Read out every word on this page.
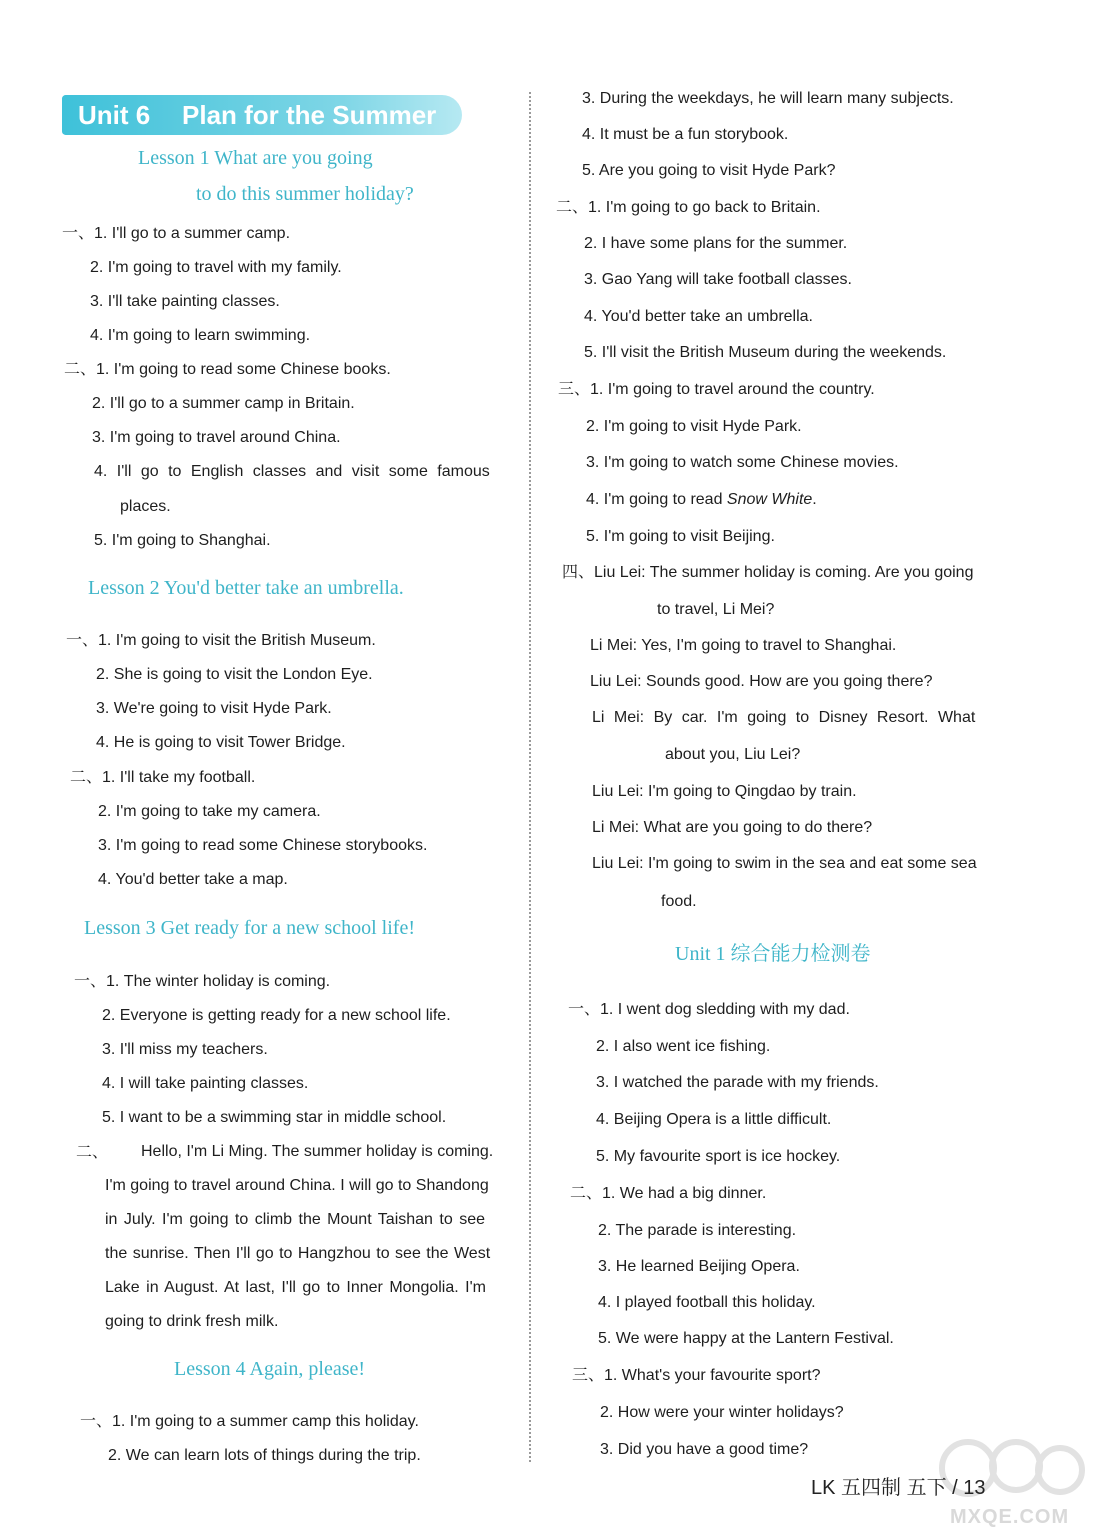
Unit 6 Plan for the Summer
Lesson 1 What are you going
to do this summer holiday?
一、1. I'll go to a summer camp.
2. I'm going to travel with my family.
3. I'll take painting classes.
4. I'm going to learn swimming.
二、1. I'm going to read some Chinese books.
2. I'll go to a summer camp in Britain.
3. I'm going to travel around China.
4. I'll go to English classes and visit some famous
places.
5. I'm going to Shanghai.
Lesson 2 You'd better take an umbrella.
一、1. I'm going to visit the British Museum.
2. She is going to visit the London Eye.
3. We're going to visit Hyde Park.
4. He is going to visit Tower Bridge.
二、1. I'll take my football.
2. I'm going to take my camera.
3. I'm going to read some Chinese storybooks.
4. You'd better take a map.
Lesson 3 Get ready for a new school life!
一、1. The winter holiday is coming.
2. Everyone is getting ready for a new school life.
3. I'll miss my teachers.
4. I will take painting classes.
5. I want to be a swimming star in middle school.
二、 Hello, I'm Li Ming. The summer holiday is coming.
I'm going to travel around China. I will go to Shandong
in July. I'm going to climb the Mount Taishan to see
the sunrise. Then I'll go to Hangzhou to see the West
Lake in August. At last, I'll go to Inner Mongolia. I'm
going to drink fresh milk.
Lesson 4 Again, please!
一、1. I'm going to a summer camp this holiday.
2. We can learn lots of things during the trip.
3. During the weekdays, he will learn many subjects.
4. It must be a fun storybook.
5. Are you going to visit Hyde Park?
二、1. I'm going to go back to Britain.
2. I have some plans for the summer.
3. Gao Yang will take football classes.
4. You'd better take an umbrella.
5. I'll visit the British Museum during the weekends.
三、1. I'm going to travel around the country.
2. I'm going to visit Hyde Park.
3. I'm going to watch some Chinese movies.
4. I'm going to read Snow White.
5. I'm going to visit Beijing.
四、Liu Lei: The summer holiday is coming. Are you going
to travel, Li Mei?
Li Mei: Yes, I'm going to travel to Shanghai.
Liu Lei: Sounds good. How are you going there?
Li Mei: By car. I'm going to Disney Resort. What
about you, Liu Lei?
Liu Lei: I'm going to Qingdao by train.
Li Mei: What are you going to do there?
Liu Lei: I'm going to swim in the sea and eat some sea
food.
Unit 1 综合能力检测卷
一、1. I went dog sledding with my dad.
2. I also went ice fishing.
3. I watched the parade with my friends.
4. Beijing Opera is a little difficult.
5. My favourite sport is ice hockey.
二、1. We had a big dinner.
2. The parade is interesting.
3. He learned Beijing Opera.
4. I played football this holiday.
5. We were happy at the Lantern Festival.
三、1. What's your favourite sport?
2. How were your winter holidays?
3. Did you have a good time?
MXQE.COM
LK 五四制 五下 / 13
